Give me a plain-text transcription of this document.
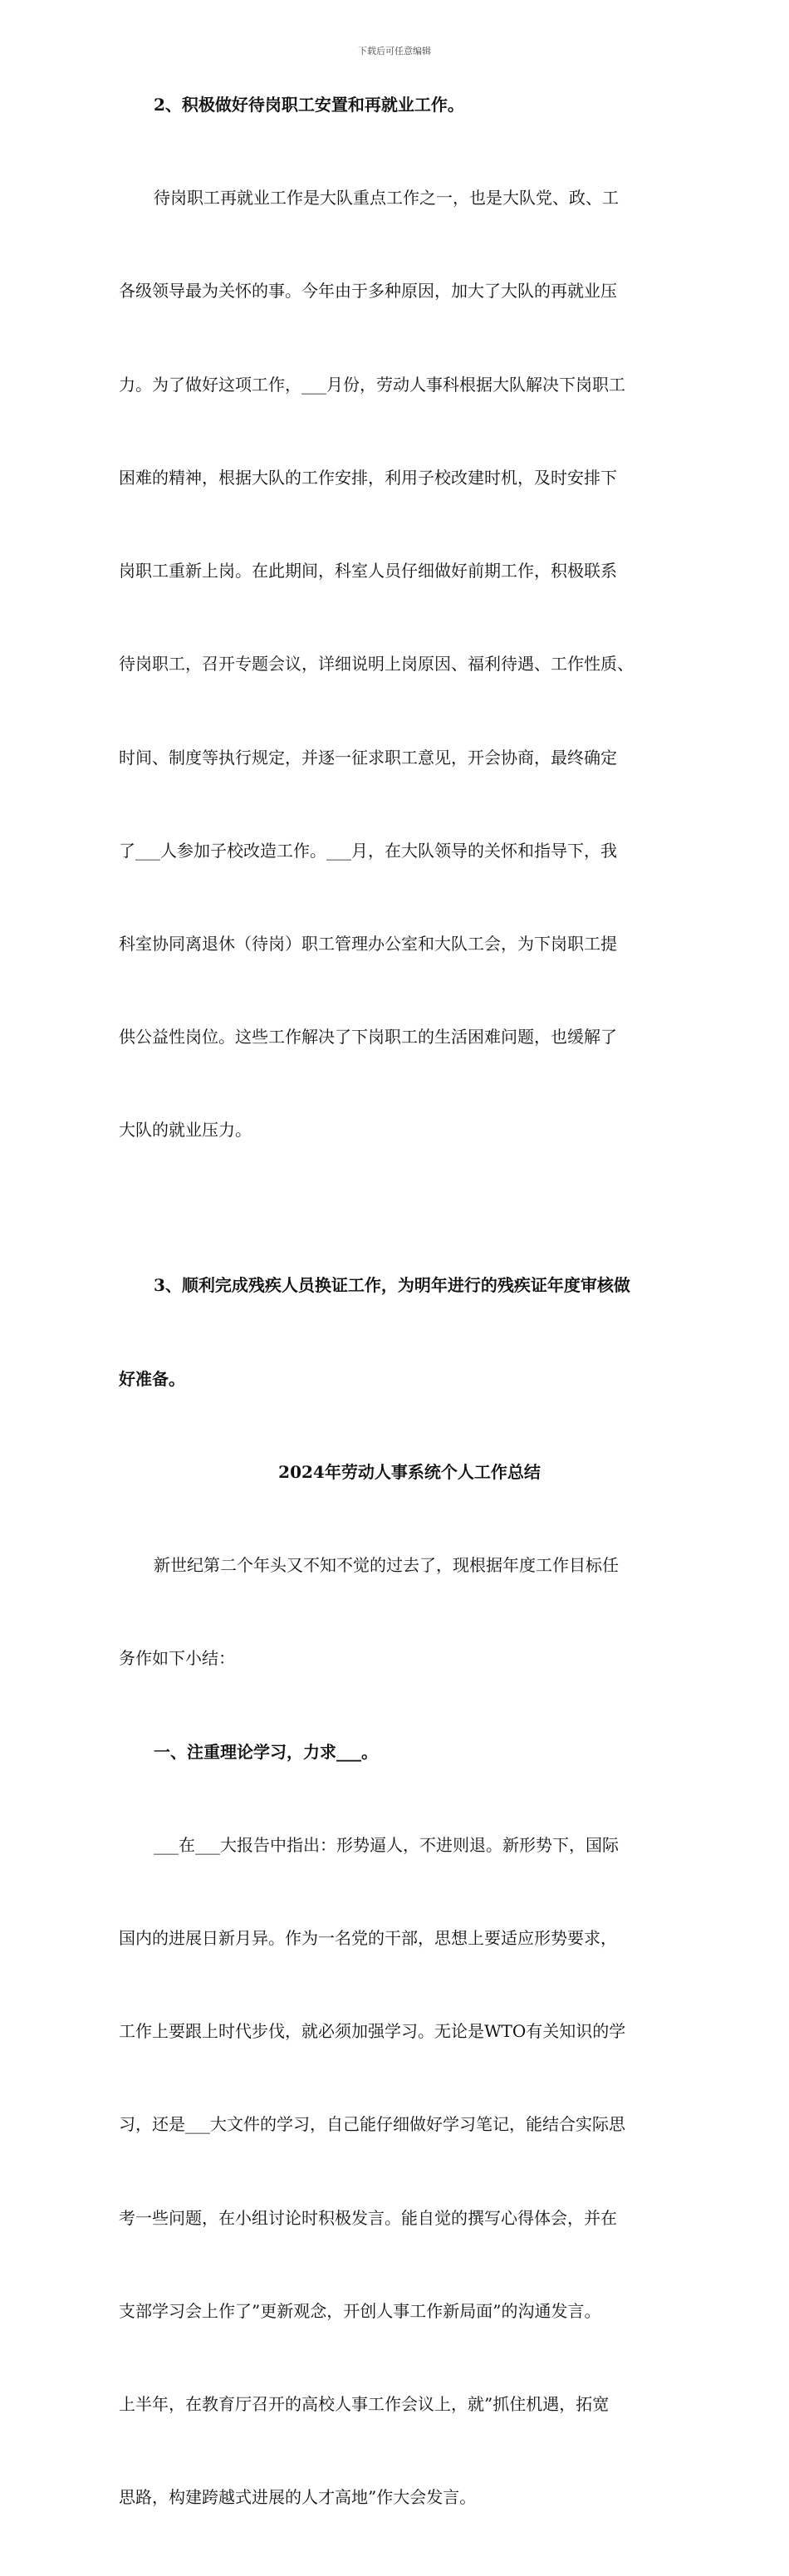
下载后可任意编辑

2、积极做好待岗职工安置和再就业工作。

待岗职工再就业工作是大队重点工作之一，也是大队党、政、工

各级领导最为关怀的事。今年由于多种原因，加大了大队的再就业压

力。为了做好这项工作，___月份，劳动人事科根据大队解决下岗职工

困难的精神，根据大队的工作安排，利用子校改建时机，及时安排下

岗职工重新上岗。在此期间，科室人员仔细做好前期工作，积极联系

待岗职工，召开专题会议，详细说明上岗原因、福利待遇、工作性质、

时间、制度等执行规定，并逐一征求职工意见，开会协商，最终确定

了___人参加子校改造工作。___月，在大队领导的关怀和指导下，我

科室协同离退休（待岗）职工管理办公室和大队工会，为下岗职工提

供公益性岗位。这些工作解决了下岗职工的生活困难问题，也缓解了

大队的就业压力。

3、顺利完成残疾人员换证工作，为明年进行的残疾证年度审核做

好准备。

2024年劳动人事系统个人工作总结

新世纪第二个年头又不知不觉的过去了，现根据年度工作目标任

务作如下小结：

一、注重理论学习，力求___。

___在___大报告中指出：形势逼人，不进则退。新形势下，国际

国内的进展日新月异。作为一名党的干部，思想上要适应形势要求，

工作上要跟上时代步伐，就必须加强学习。无论是WTO有关知识的学

习，还是___大文件的学习，自己能仔细做好学习笔记，能结合实际思

考一些问题，在小组讨论时积极发言。能自觉的撰写心得体会，并在

支部学习会上作了”更新观念，开创人事工作新局面”的沟通发言。

上半年，在教育厅召开的高校人事工作会议上，就”抓住机遇，拓宽

思路，构建跨越式进展的人才高地”作大会发言。
